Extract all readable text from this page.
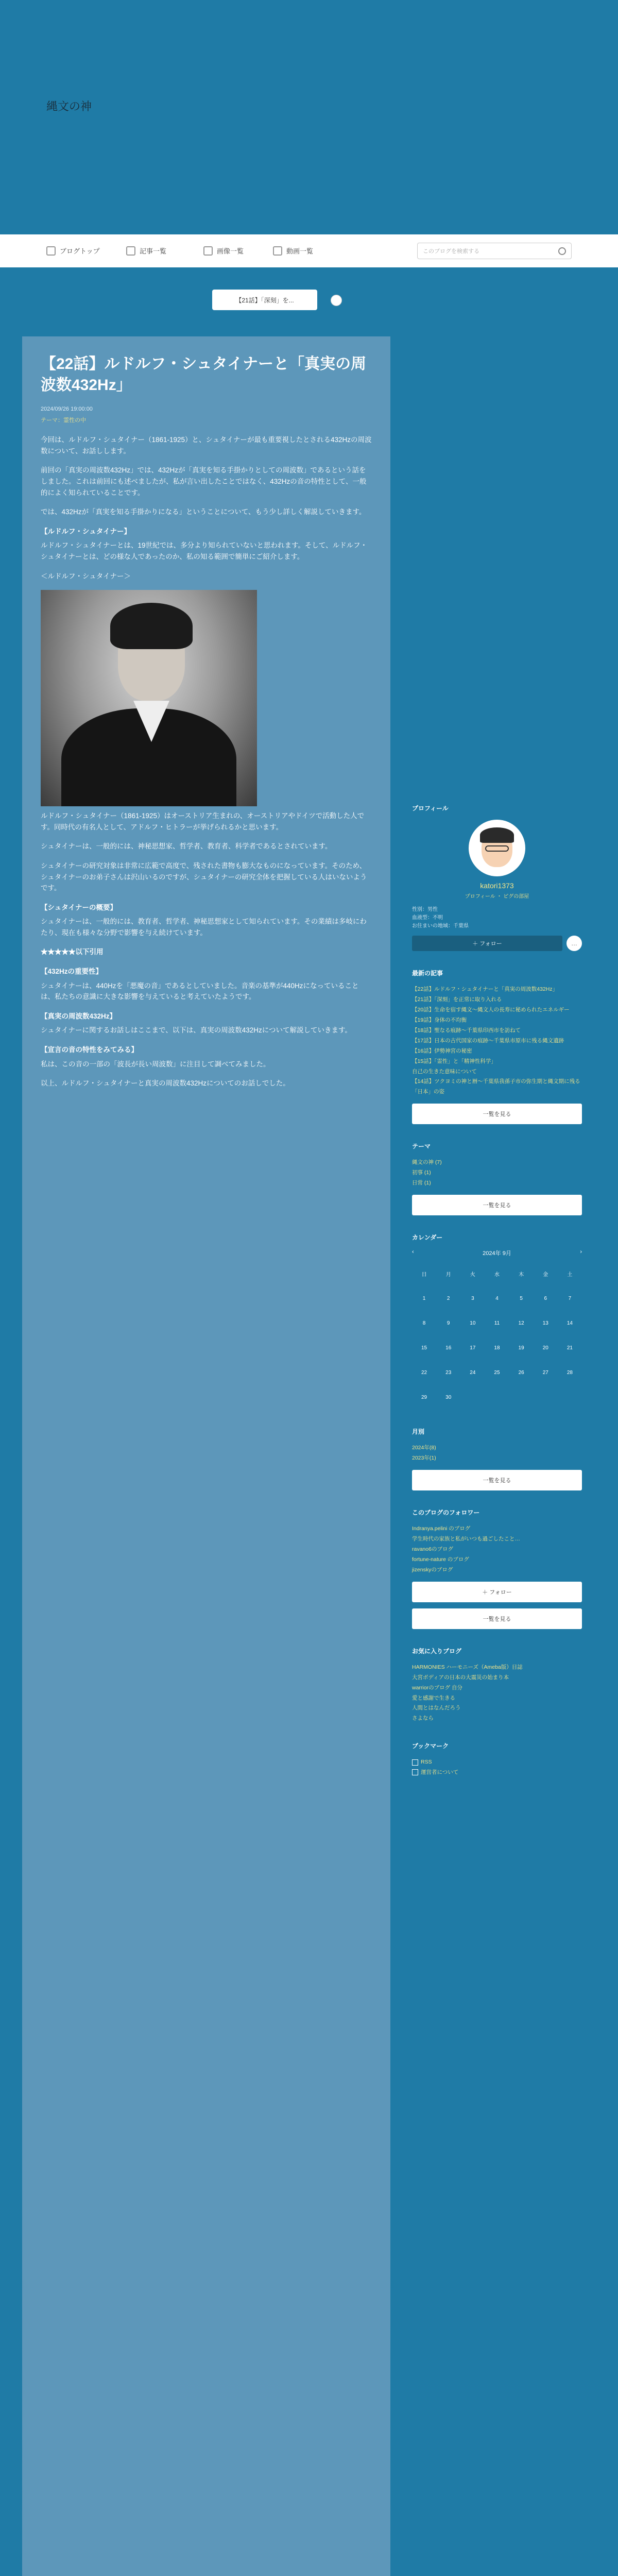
縄文の神
ブログトップ	記事一覧	画像一覧	動画一覧	このブログを検索する
【21話】「深刻」を...
【22話】ルドルフ・シュタイナーと「真実の周波数432Hz」
2024/09/26 19:00:00
テーマ：霊性の中

今回は、ルドルフ・シュタイナー（1861-1925）と、シュタイナーが最も重要視したとされる432Hzの周波数について、お話しします。

前回の「真実の周波数432Hz」では、432Hzが「真実を知る手掛かりとしての周波数」であるという話をしました。これは前回にも述べましたが、私が言い出したことではなく、432Hzの音の特性として、一般的によく知られていることです。

では、432Hzが「真実を知る手掛かりになる」ということについて、もう少し詳しく解説していきます。

【ルドルフ・シュタイナー】

ルドルフ・シュタイナーとは、19世紀では、多分より知られていないと思われます。そして、ルドルフ・シュタイナーとは、どの様な人であったのか、私の知る範囲で簡単にご紹介します。

＜ルドルフ・シュタイナー＞

ルドルフ・シュタイナー（1861-1925）はオーストリア生まれの、オーストリアやドイツで活動した人です。同時代の有名人として、アドルフ・ヒトラーが挙げられるかと思います。

シュタイナーは、一般的には、神秘思想家、哲学者、教育者、科学者であるとされています。

シュタイナーの研究対象は非常に広範で高度で、残された書物も膨大なものになっています。そのため、シュタイナーのお弟子さんは沢山いるのですが、シュタイナーの研究全体を把握している人はいないようです。

【シュタイナーの概要】

シュタイナーは、一般的には、教育者、哲学者、神秘思想家として知られています。その業績は多岐にわたり、現在も様々な分野で影響を与え続けています。

★★★★★以下引用
【432Hzの重要性】

シュタイナーは、440Hzを「悪魔の音」であるとしていました。音楽の基準が440Hzになっていることは、私たちの意識に大きな影響を与えていると考えていたようです。

【真実の周波数432Hz】

シュタイナーに関するお話しはここまで、以下は、真実の周波数432Hzについて解説していきます。

【宣言の音の特性をみてみる】

私は、この音の一部の「波長が長い周波数」に注目して調べてみました。

以上、ルドルフ・シュタイナーと真実の周波数432Hzについてのお話しでした。

プロフィール
katori1373
プロフィール ・ ピグの部屋
性別：男性
血液型：不明
お住まいの地域：千葉県
＋ フォロー	…
最新の記事
【22話】ルドルフ・シュタイナーと「真実の周波数432Hz」
【21話】「深刻」を正常に取り入れる
【20話】生命を宿す縄文～縄文人の長寿に秘められたエネルギー
【19話】身体の不均衡
【18話】聖なる痕跡～千葉県印西市を訪ねて
【17話】日本の古代国家の痕跡～千葉県市原市に残る縄文遺跡
【16話】伊勢神宮の秘密
【15話】「霊性」と「精神性科学」
自己の生きた意味について
【14話】ツクヨミの神と暦～千葉県我孫子市の弥生期と縄文期に残る「日本」の姿
一覧を見る
テーマ
縄文の神 (7)
初事 (1)
日常 (1)
一覧を見る
カレンダー
‹	2024年 9月	›
日	月	火	水	木	金	土
1	2	3	4	5	6	7
8	9	10	11	12	13	14
15	16	17	18	19	20	21
22	23	24	25	26	27	28
29	30					
月別
2024年(8)
2023年(1)
一覧を見る
このブログのフォロワー
Indranya.pelini のブログ
学生時代の家族と私がいつも過ごしたこと…
ravano6のブログ
fortune-nature のブログ
jizenskyのブログ
＋ フォロー
一覧を見る
お気に入りブログ
HARMONIES ハーモニーズ（Ameba版）日誌
大宮ボディアの日本の大震災の始まり本
warriorのブログ 自分
愛と感謝で生きる
人間とはなんだろう
さよなら
ブックマーク
RSS
運営者について
